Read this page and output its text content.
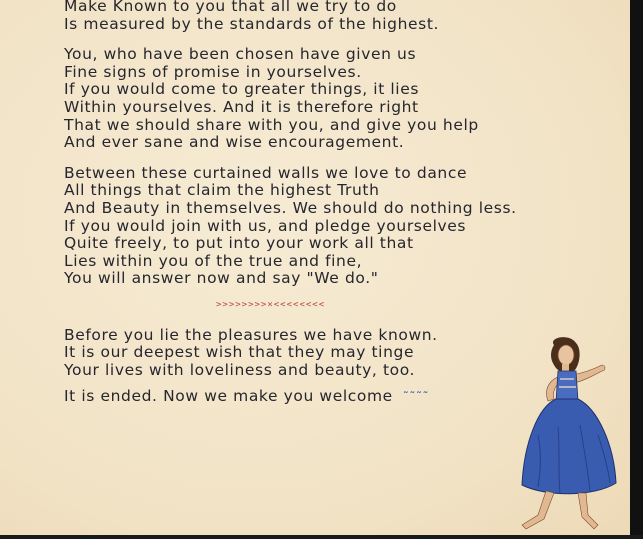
Make Known to you that all we try to do
Is measured by the standards of the highest.
You, who have been chosen have given us
Fine signs of promise in yourselves.
If you would come to greater things, it lies
Within yourselves. And it is therefore right
That we should share with you, and give you help
And ever sane and wise encouragement.
Between these curtained walls we love to dance
All things that claim the highest Truth
And Beauty in themselves. We should do nothing less.
If you would join with us, and pledge yourselves
Quite freely, to put into your work all that
Lies within you of the true and fine,
You will answer now and say "We do."
>>>>>>>>×<<<<<<<<
Before you lie the pleasures we have known.
It is our deepest wish that they may tinge
Your lives with loveliness and beauty, too.
It is ended. Now we make you welcome  ˜˜˜˜
